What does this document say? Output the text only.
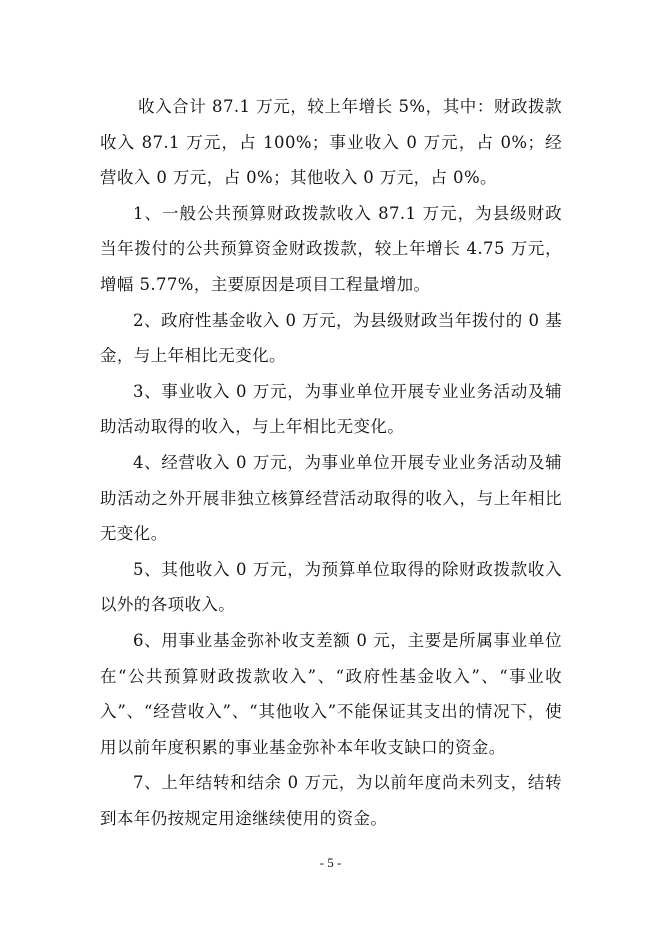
收入合计 87.1 万元，较上年增长 5%，其中：财政拨款收入 87.1 万元，占 100%；事业收入 0 万元，占 0%；经营收入 0 万元，占 0%；其他收入 0 万元，占 0%。

1、一般公共预算财政拨款收入 87.1 万元，为县级财政当年拨付的公共预算资金财政拨款，较上年增长 4.75 万元，增幅 5.77%，主要原因是项目工程量增加。

2、政府性基金收入 0 万元，为县级财政当年拨付的 0 基金，与上年相比无变化。

3、事业收入 0 万元，为事业单位开展专业业务活动及辅助活动取得的收入，与上年相比无变化。

4、经营收入 0 万元，为事业单位开展专业业务活动及辅助活动之外开展非独立核算经营活动取得的收入，与上年相比无变化。

5、其他收入 0 万元，为预算单位取得的除财政拨款收入以外的各项收入。

6、用事业基金弥补收支差额 0 元，主要是所属事业单位在“公共预算财政拨款收入”、“政府性基金收入”、“事业收入”、“经营收入”、“其他收入”不能保证其支出的情况下，使用以前年度积累的事业基金弥补本年收支缺口的资金。

7、上年结转和结余 0 万元，为以前年度尚未列支，结转到本年仍按规定用途继续使用的资金。

- 5 -
